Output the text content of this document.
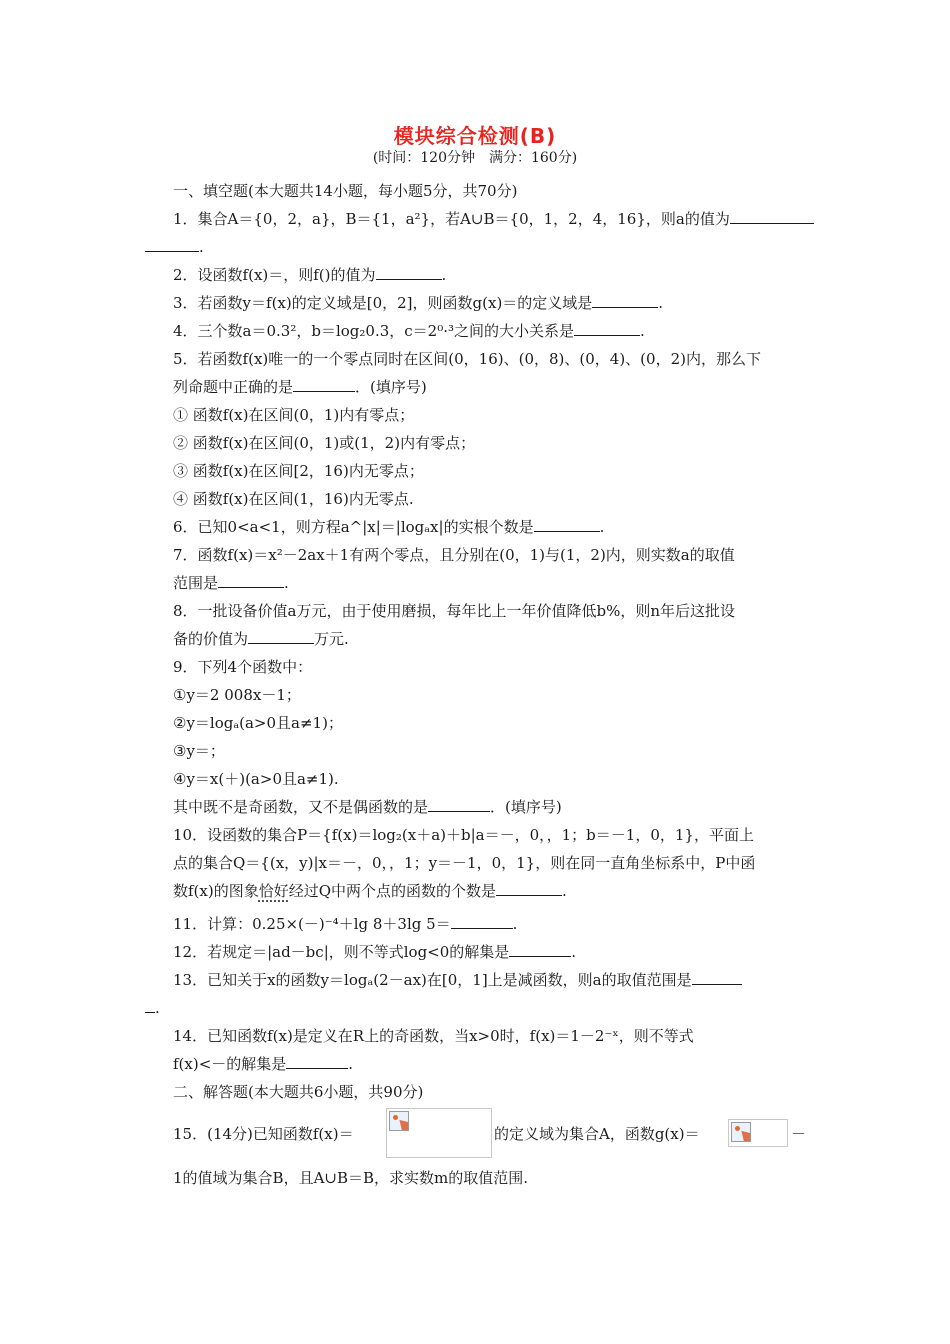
模块综合检测(B)
(时间：120分钟　满分：160分)
一、填空题(本大题共14小题，每小题5分，共70分)
1．集合A＝{0，2，a}，B＝{1，a²}，若A∪B＝{0，1，2，4，16}，则a的值为
.
2．设函数f(x)＝，则f()的值为	.
3．若函数y＝f(x)的定义域是[0，2]，则函数g(x)＝的定义域是	.
4．三个数a＝0.3²，b＝log₂0.3，c＝2⁰·³之间的大小关系是	.
5．若函数f(x)唯一的一个零点同时在区间(0，16)、(0，8)、(0，4)、(0，2)内，那么下
列命题中正确的是	．(填序号)
① 函数f(x)在区间(0，1)内有零点；
② 函数f(x)在区间(0，1)或(1，2)内有零点；
③ 函数f(x)在区间[2，16)内无零点；
④ 函数f(x)在区间(1，16)内无零点.
6．已知0<a<1，则方程a^|x|＝|logₐx|的实根个数是	.
7．函数f(x)＝x²－2ax＋1有两个零点，且分别在(0，1)与(1，2)内，则实数a的取值
范围是	.
8．一批设备价值a万元，由于使用磨损，每年比上一年价值降低b%，则n年后这批设
备的价值为	万元.
9．下列4个函数中：
①y＝2 008x－1；
②y＝logₐ(a>0且a≠1)；
③y＝；
④y＝x(＋)(a>0且a≠1).
其中既不是奇函数，又不是偶函数的是	．(填序号)
10．设函数的集合P＝{f(x)＝log₂(x＋a)＋b|a＝－，0，，1；b＝－1，0，1}，平面上
点的集合Q＝{(x，y)|x＝－，0，，1；y＝－1，0，1}，则在同一直角坐标系中，P中函
数f(x)的图象恰好经过Q中两个点的函数的个数是	.
11．计算：0.25×(－)⁻⁴＋lg 8＋3lg 5＝	.
12．若规定＝|ad－bc|，则不等式log<0的解集是	.
13．已知关于x的函数y＝logₐ(2－ax)在[0，1]上是减函数，则a的取值范围是
.
14．已知函数f(x)是定义在R上的奇函数，当x>0时，f(x)＝1－2⁻ˣ，则不等式
f(x)<－的解集是	.
二、解答题(本大题共6小题，共90分)
15．(14分)已知函数f(x)＝	的定义域为集合A，函数g(x)＝	－
1的值域为集合B，且A∪B＝B，求实数m的取值范围.
